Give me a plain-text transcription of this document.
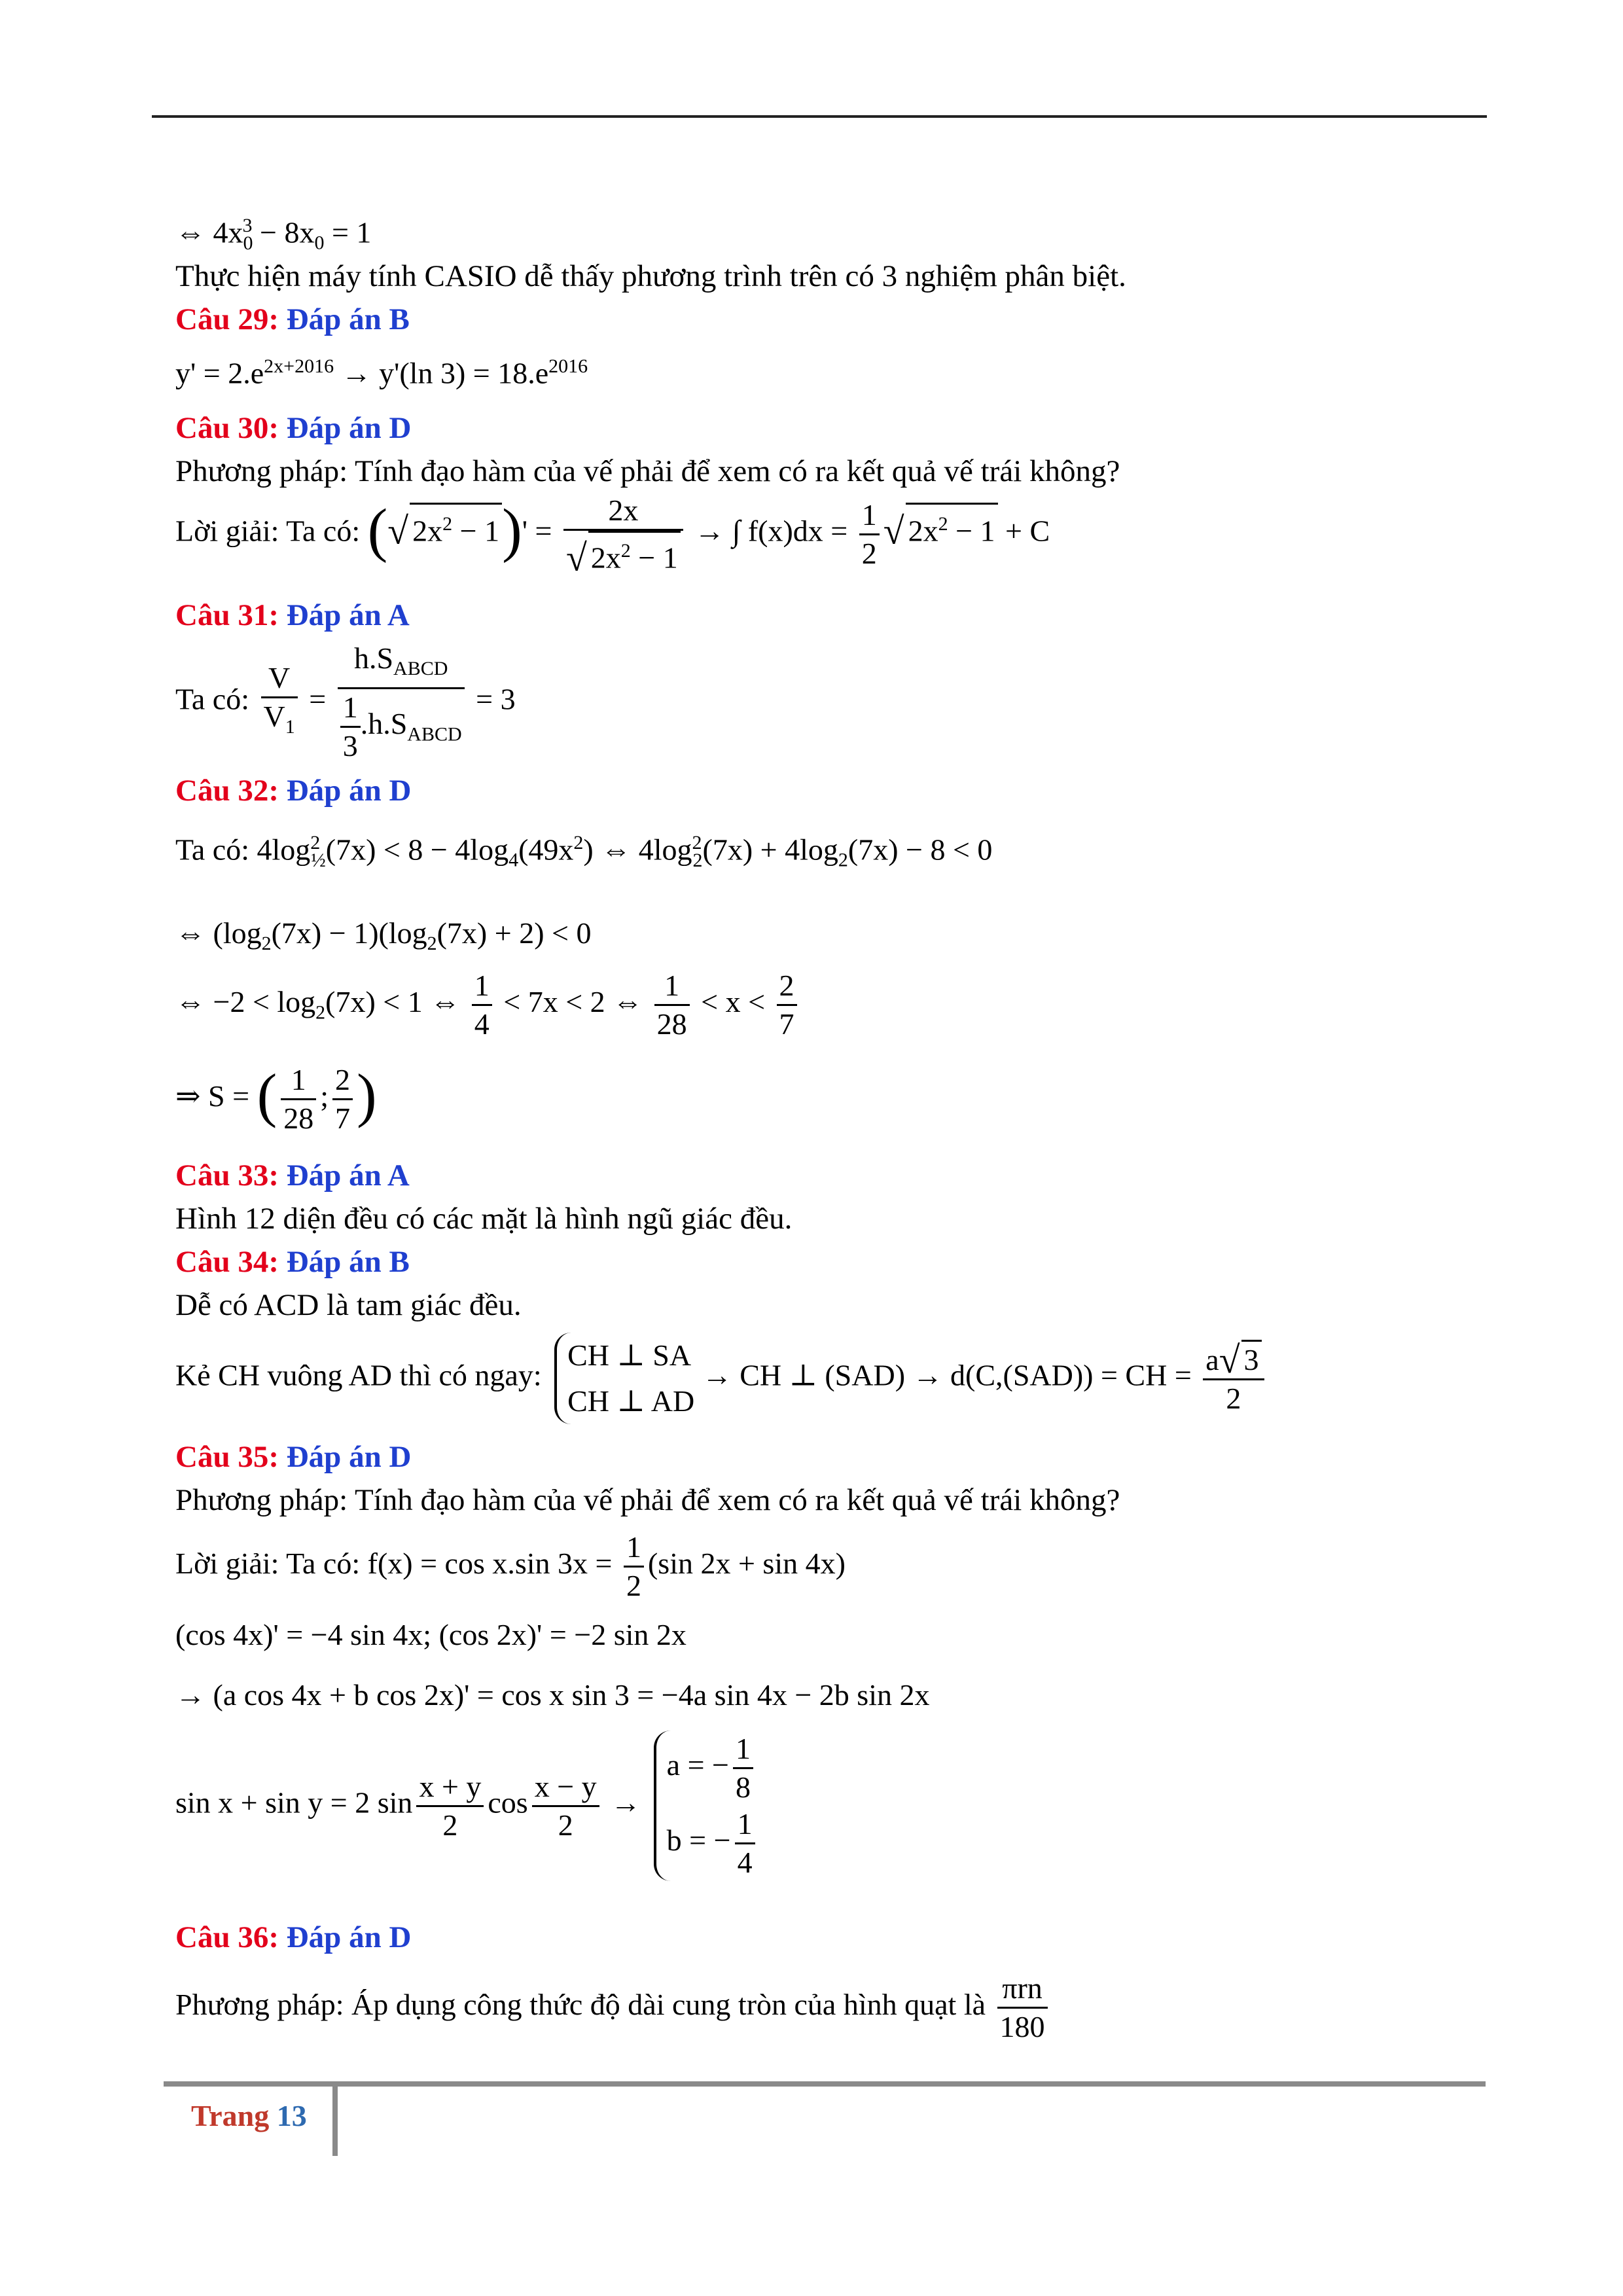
⇔ $4x_0^3 - 8x_0 = 1$
Thực hiện máy tính CASIO dễ thấy phương trình trên có 3 nghiệm phân biệt.
Câu 29: Đáp án B
$y' = 2.e^{2x+2016} \to y'(\ln$ $3) = 18.e^{2016}$
Câu 30: Đáp án D
Phương pháp: Tính đạo hàm của vế phải để xem có ra kết quả vế trái không?
Lời giải: Ta có: (√ $2x^2 - 1)' = \frac{2x}{√ 2x^2 - 1}$ → ∫ $f(x)dx = \frac{1}{2}$ √ $2x^2 - 1 + C$
Câu 31: Đáp án A
Ta có: $\frac{V}{V_1} = \frac{h.S_{ABCD}}{\frac{1}{3} .h.S_{ABCD}} = 3$
Câu 32: Đáp án D
Ta có: $4\log^2_{\frac{1}{2}}(7x) < 8 - 4\log_4(49x^2)$ ⇔ $4\log^2_2(7x) + 4\log_2(7x) - 8 < 0$
⇔ $(\log_2(7x) - 1)(\log_2(7x) + 2) < 0$
⇔ $-2 < \log_2(7x) < 1$ ⇔ $\frac{1}{4} < 7x < 2$ ⇔ $\frac{1}{28} < x < \frac{2}{7}$
⇒ S = ( $\frac{1}{28}$ ; $\frac{2}{7}$ )
Câu 33: Đáp án A
Hình 12 diện đều có các mặt là hình ngũ giác đều.
Câu 34: Đáp án B
Dễ có ACD là tam giác đều.
Kẻ CH vuông AD thì có ngay:
CH ⊥ SA
CH ⊥ AD
→ CH ⊥ (SAD) → d(C,(SAD)) = CH = $\frac{a√ 3}{2}$
Câu 35: Đáp án D
Phương pháp: Tính đạo hàm của vế phải để xem có ra kết quả vế trái không?
Lời giải: Ta có: f(x) = cos x.sin $3x = \frac{1}{2} (\sin$ 2x + sin 4x)
(cos 4x)' = −4 sin 4x; (cos 2x)' = −2 sin 2x
→ (a cos 4x + b cos 2x)' = cos x sin 3 = −4a sin 4x − 2b sin 2x
sin x + sin y = 2 $\sin \frac{x + y}{2}$ $\cos \frac{x - y}{2}$ →
a = − $\frac{1}{8}$
b = − $\frac{1}{4}$
Câu 36: Đáp án D
Phương pháp: Áp dụng công thức độ dài cung tròn của hình quạt là $\frac{\text{πrn}}{180}$
Trang 13
